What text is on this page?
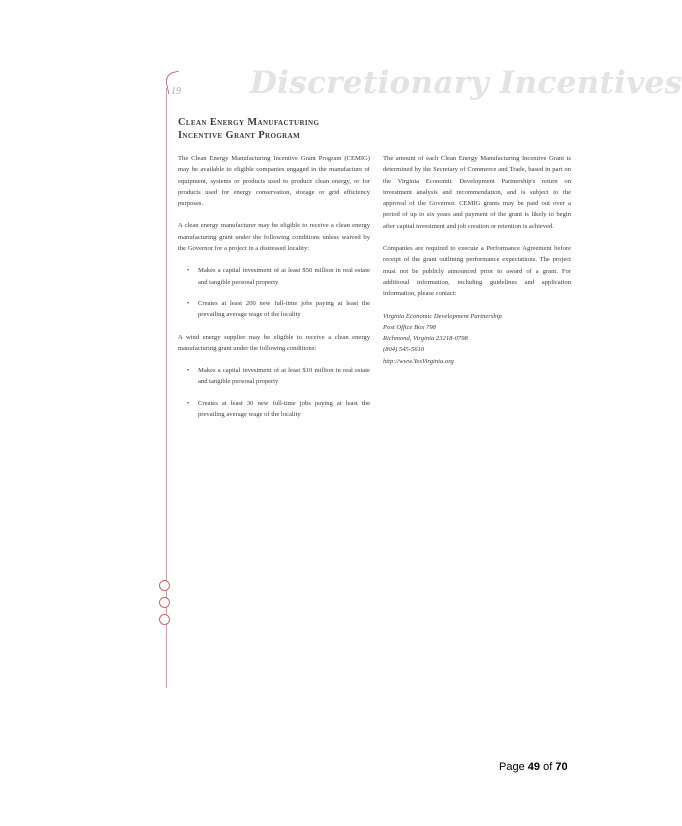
19 Discretionary Incentives
Clean Energy Manufacturing
Incentive Grant Program

The Clean Energy Manufacturing Incentive Grant Program (CEMIG) may be available to eligible companies engaged in the manufacture of equipment, systems or products used to produce clean energy, or for products used for energy conservation, storage or grid efficiency purposes.

A clean energy manufacturer may be eligible to receive a clean energy manufacturing grant under the following conditions unless waived by the Governor for a project in a distressed locality:

• Makes a capital investment of at least $50 million in real estate and tangible personal property
• Creates at least 200 new full-time jobs paying at least the prevailing average wage of the locality

A wind energy supplier may be eligible to receive a clean energy manufacturing grant under the following conditions:

• Makes a capital investment of at least $10 million in real estate and tangible personal property
• Creates at least 30 new full-time jobs paying at least the prevailing average wage of the locality

The amount of each Clean Energy Manufacturing Incentive Grant is determined by the Secretary of Commerce and Trade, based in part on the Virginia Economic Development Partnership's return on investment analysis and recommendation, and is subject to the approval of the Governor. CEMIG grants may be paid out over a period of up to six years and payment of the grant is likely to begin after capital investment and job creation or retention is achieved.

Companies are required to execute a Performance Agreement before receipt of the grant outlining performance expectations. The project must not be publicly announced prior to award of a grant. For additional information, including guidelines and application information, please contact:

Virginia Economic Development Partnership
Post Office Box 798
Richmond, Virginia 23218-0798
(804) 545-5610
http://www.YesVirginia.org
Page 49 of 70
